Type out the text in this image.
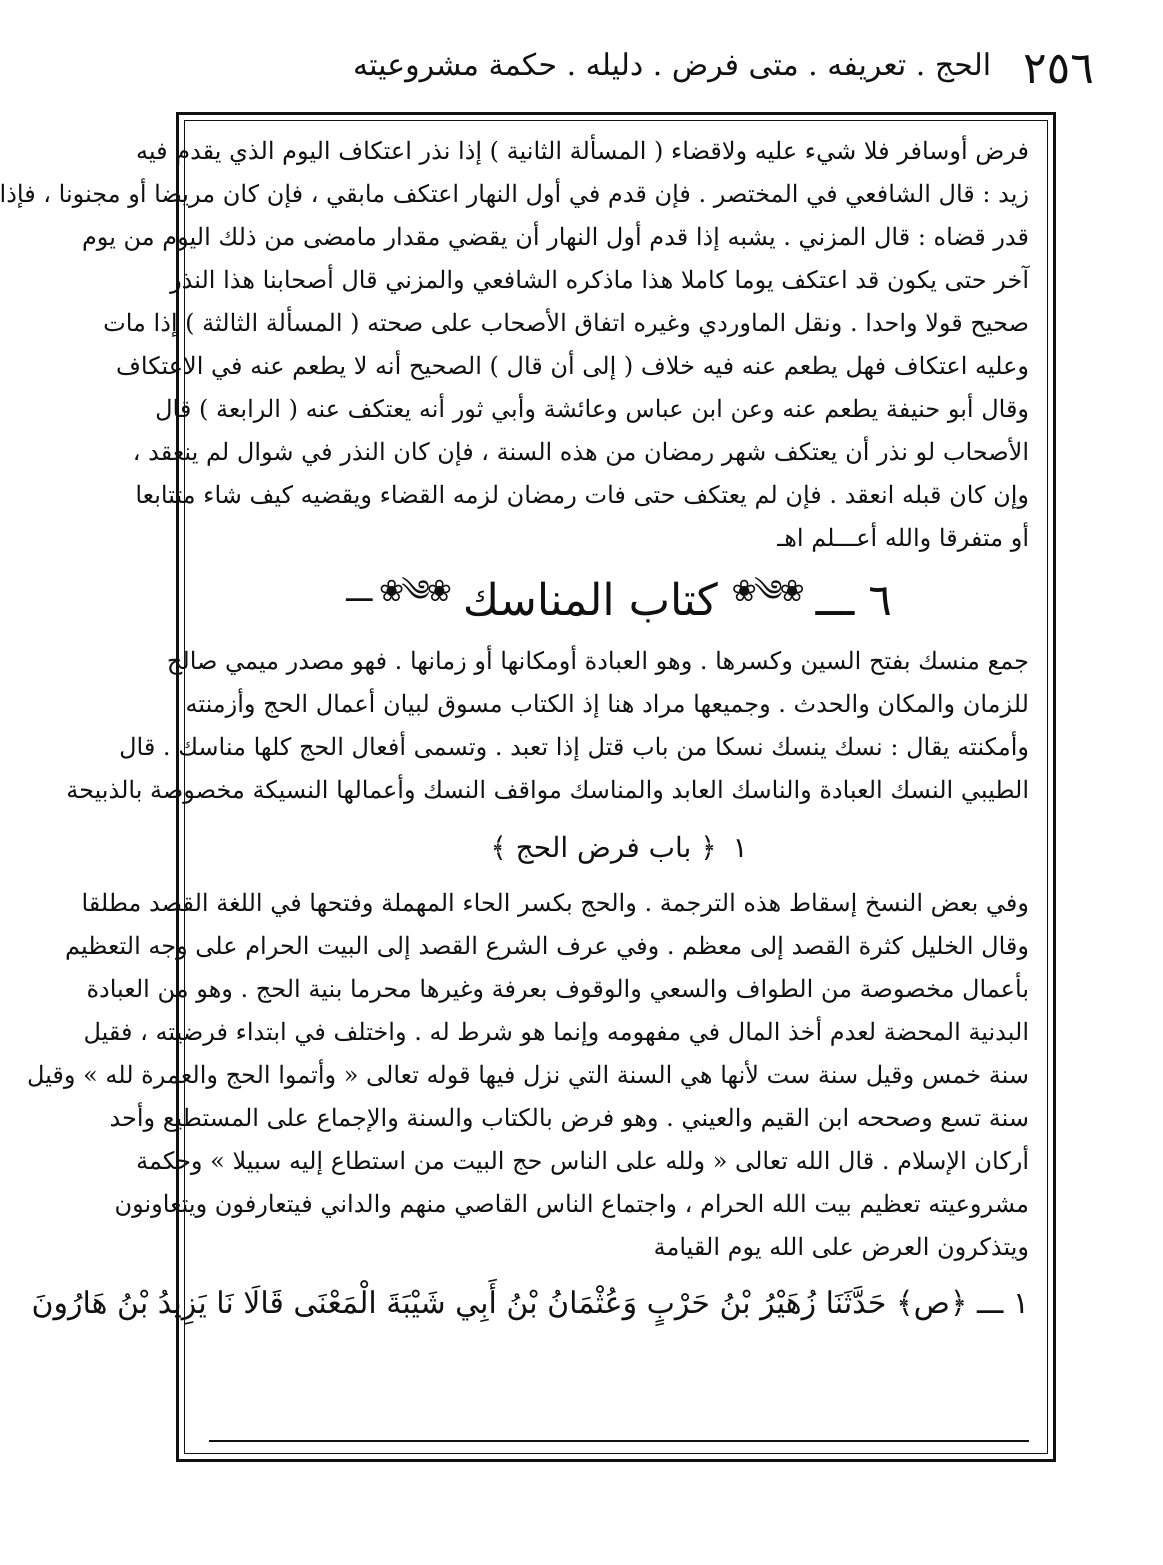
٢٥٦
الحج . تعريفه . متى فرض . دليله . حكمة مشروعيته
فرض أوسافر فلا شيء عليه ولاقضاء ( المسألة الثانية ) إذا نذر اعتكاف اليوم الذي يقدم فيه
زيد : قال الشافعي في المختصر . فإن قدم في أول النهار اعتكف مابقي ، فإن كان مريضا أو مجنونا ، فإذا
قدر قضاه : قال المزني . يشبه إذا قدم أول النهار أن يقضي مقدار مامضى من ذلك اليوم من يوم
آخر حتى يكون قد اعتكف يوما كاملا هذا ماذكره الشافعي والمزني قال أصحابنا هذا النذر
صحيح قولا واحدا . ونقل الماوردي وغيره اتفاق الأصحاب على صحته ( المسألة الثالثة ) إذا مات
وعليه اعتكاف فهل يطعم عنه فيه خلاف ( إلى أن قال ) الصحيح أنه لا يطعم عنه في الاعتكاف
وقال أبو حنيفة يطعم عنه وعن ابن عباس وعائشة وأبي ثور أنه يعتكف عنه ( الرابعة ) قال
الأصحاب لو نذر أن يعتكف شهر رمضان من هذه السنة ، فإن كان النذر في شوال لم ينعقد ،
وإن كان قبله انعقد . فإن لم يعتكف حتى فات رمضان لزمه القضاء ويقضيه كيف شاء متتابعا
أو متفرقا والله أعـــلم اهـ
٦ ـــ
❀༄❀
كتاب المناسك
❀༄❀ ـــ
جمع منسك بفتح السين وكسرها . وهو العبادة أومكانها أو زمانها . فهو مصدر ميمي صالح
للزمان والمكان والحدث . وجميعها مراد هنا إذ الكتاب مسوق لبيان أعمال الحج وأزمنته
وأمكنته يقال : نسك ينسك نسكا من باب قتل إذا تعبد . وتسمى أفعال الحج كلها مناسك . قال
الطيبي النسك العبادة والناسك العابد والمناسك مواقف النسك وأعمالها النسيكة مخصوصة بالذبيحة
١
﴿ باب فرض الحج ﴾
وفي بعض النسخ إسقاط هذه الترجمة . والحج بكسر الحاء المهملة وفتحها في اللغة القصد مطلقا
وقال الخليل كثرة القصد إلى معظم . وفي عرف الشرع القصد إلى البيت الحرام على وجه التعظيم
بأعمال مخصوصة من الطواف والسعي والوقوف بعرفة وغيرها محرما بنية الحج . وهو من العبادة
البدنية المحضة لعدم أخذ المال في مفهومه وإنما هو شرط له . واختلف في ابتداء فرضيته ، فقيل
سنة خمس وقيل سنة ست لأنها هي السنة التي نزل فيها قوله تعالى « وأتموا الحج والعمرة لله » وقيل
سنة تسع وصححه ابن القيم والعيني . وهو فرض بالكتاب والسنة والإجماع على المستطيع وأحد
أركان الإسلام . قال الله تعالى « ولله على الناس حج البيت من استطاع إليه سبيلا » وحكمة
مشروعيته تعظيم بيت الله الحرام ، واجتماع الناس القاصي منهم والداني فيتعارفون ويتعاونون
ويتذكرون العرض على الله يوم القيامة
١ ـــ ﴿ص﴾ حَدَّثَنَا زُهَيْرُ بْنُ حَرْبٍ وَعُثْمَانُ بْنُ أَبِي شَيْبَةَ الْمَعْنَى قَالَا نَا يَزِيدُ بْنُ هَارُونَ
